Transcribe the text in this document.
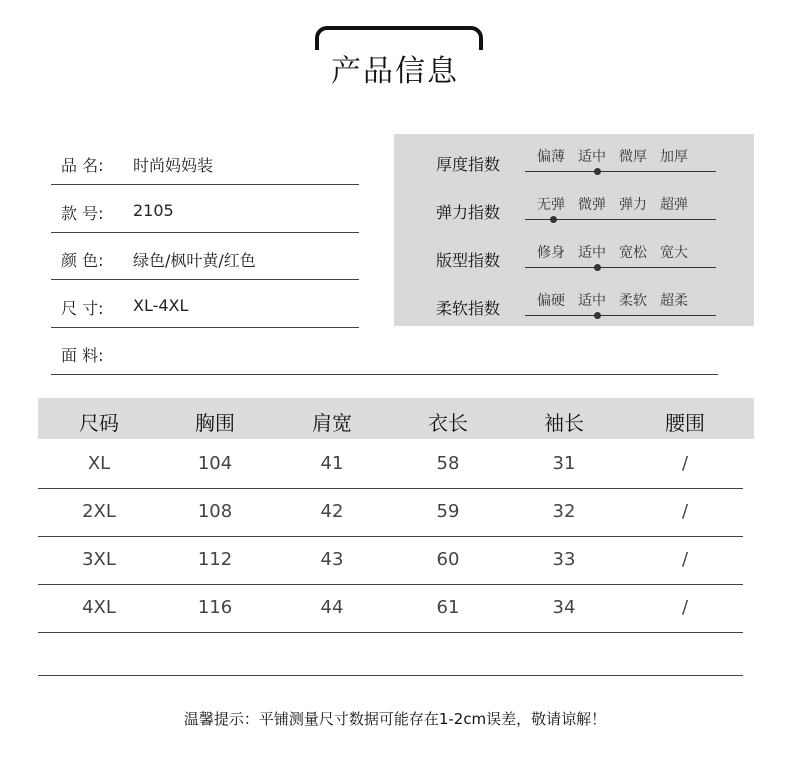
产品信息
厚度指数	偏薄 适中 微厚 加厚
弹力指数	无弹 微弹 弹力 超弹
版型指数	修身 适中 宽松 宽大
柔软指数	偏硬 适中 柔软 超柔
尺码	胸围	肩宽	衣长	袖长	腰围
XL	104	41	58	31	/
2XL	108	42	59	32	/
3XL	112	43	60	33	/
4XL	116	44	61	34	/
温馨提示：平铺测量尺寸数据可能存在1-2cm误差，敬请谅解！
品 名: 时尚妈妈装
款 号: 2105
颜 色: 绿色/枫叶黄/红色
尺 寸: XL-4XL
面 料:
